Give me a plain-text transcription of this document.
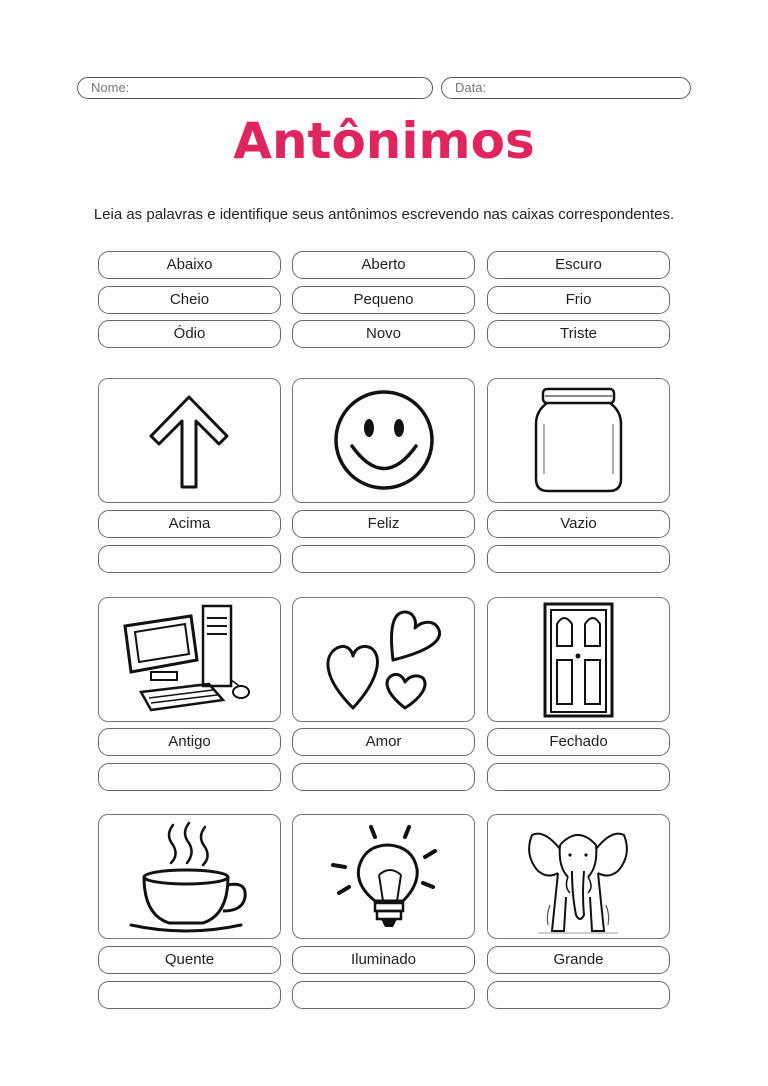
Nome:	Data:
Antônimos
Leia as palavras e identifique seus antônimos escrevendo nas caixas correspondentes.
Abaixo	Aberto	Escuro
Cheio	Pequeno	Frio
Ódio	Novo	Triste
Acima	Feliz	Vazio
Antigo	Amor	Fechado
Quente	Iluminado	Grande
